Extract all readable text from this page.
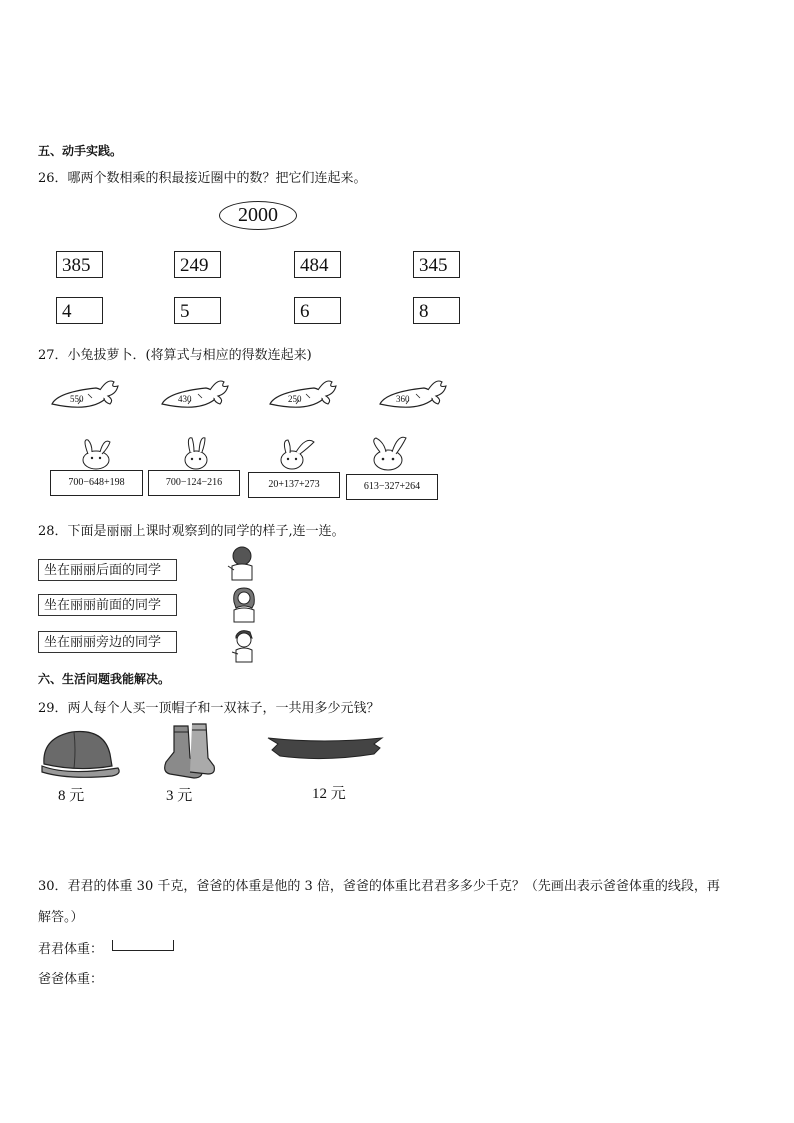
五、动手实践。
26．哪两个数相乘的积最接近圈中的数？把它们连起来。
2000
385	249	484	345
4	5	6	8
27．小兔拔萝卜．(将算式与相应的得数连起来)
550	430	250	360
700−648+198	700−124−216	20+137+273	613−327+264
28．下面是丽丽上课时观察到的同学的样子,连一连。
坐在丽丽后面的同学
坐在丽丽前面的同学
坐在丽丽旁边的同学
六、生活问题我能解决。
29．两人每个人买一顶帽子和一双袜子，一共用多少元钱？
8 元	3 元	12 元
30．君君的体重 30 千克，爸爸的体重是他的 3 倍，爸爸的体重比君君多多少千克？（先画出表示爸爸体重的线段，再
解答。）
君君体重：
爸爸体重：
